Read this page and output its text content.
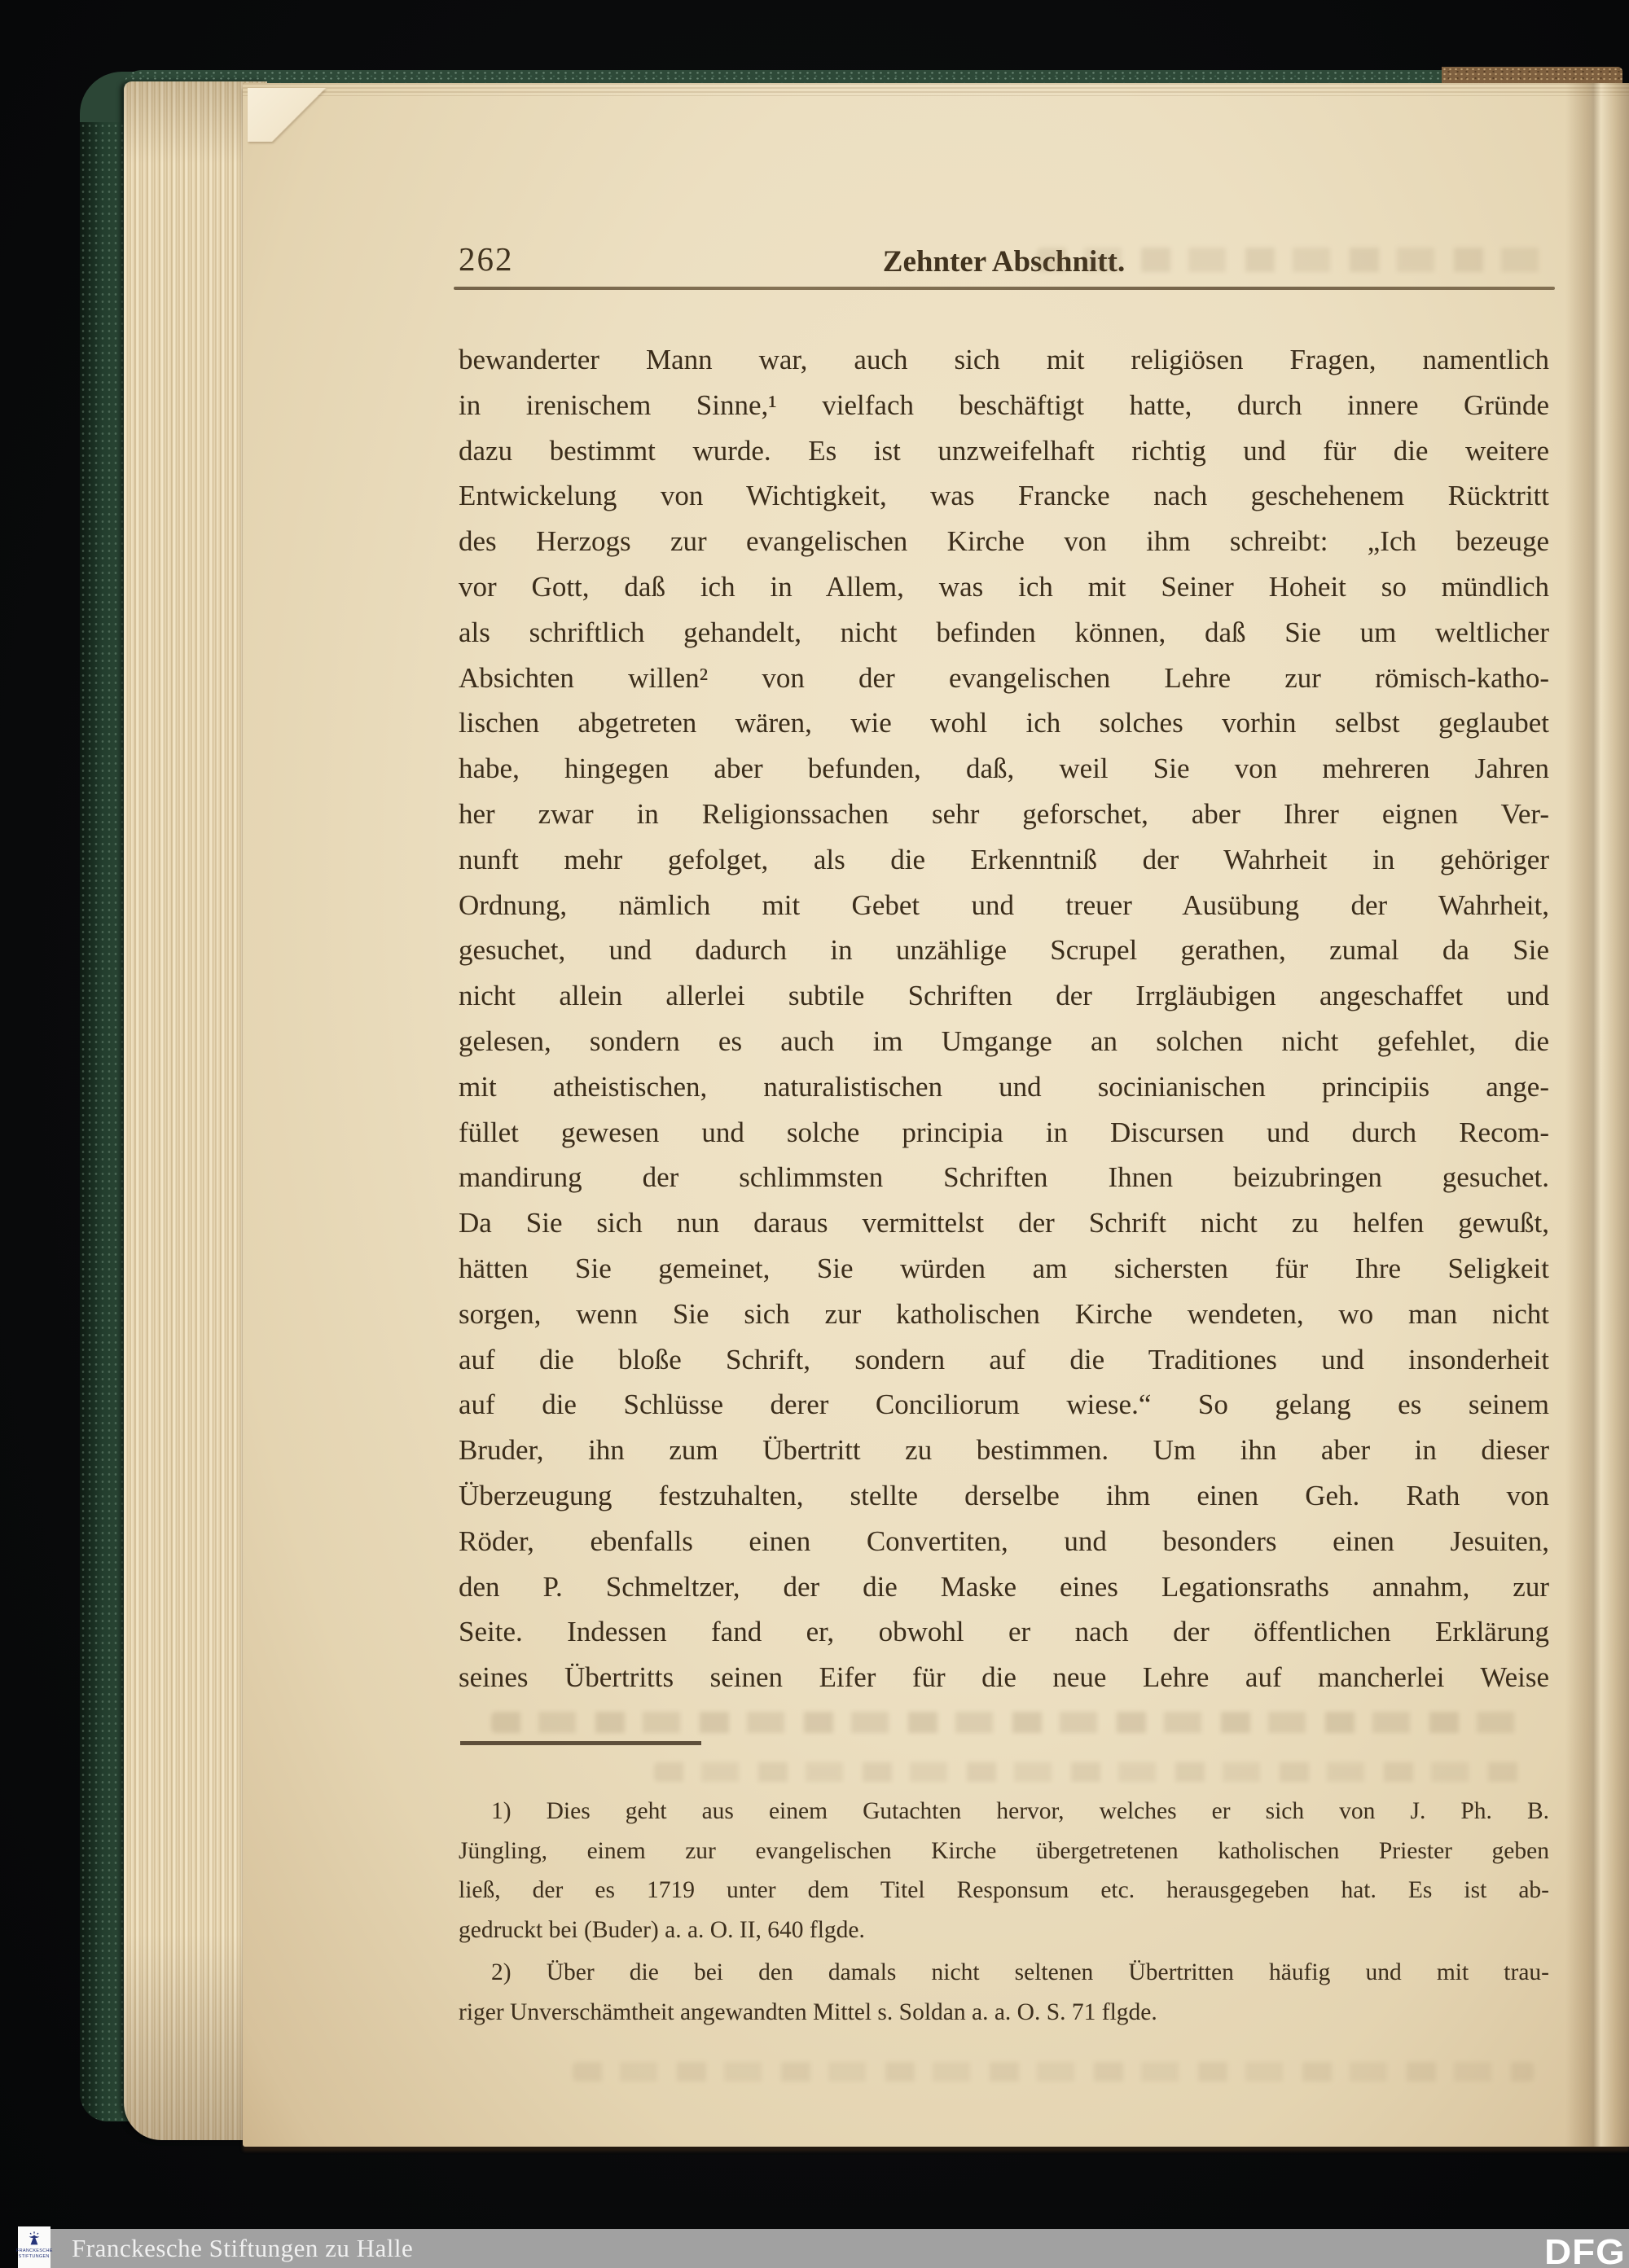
262	Zehnter Abschnitt.
bewanderter Mann war, auch sich mit religiösen Fragen, namentlich
in irenischem Sinne,¹ vielfach beschäftigt hatte, durch innere Gründe
dazu bestimmt wurde. Es ist unzweifelhaft richtig und für die weitere
Entwickelung von Wichtigkeit, was Francke nach geschehenem Rücktritt
des Herzogs zur evangelischen Kirche von ihm schreibt: „Ich bezeuge
vor Gott, daß ich in Allem, was ich mit Seiner Hoheit so mündlich
als schriftlich gehandelt, nicht befinden können, daß Sie um weltlicher
Absichten willen² von der evangelischen Lehre zur römisch-katho-
lischen abgetreten wären, wie wohl ich solches vorhin selbst geglaubet
habe, hingegen aber befunden, daß, weil Sie von mehreren Jahren
her zwar in Religionssachen sehr geforschet, aber Ihrer eignen Ver-
nunft mehr gefolget, als die Erkenntniß der Wahrheit in gehöriger
Ordnung, nämlich mit Gebet und treuer Ausübung der Wahrheit,
gesuchet, und dadurch in unzählige Scrupel gerathen, zumal da Sie
nicht allein allerlei subtile Schriften der Irrgläubigen angeschaffet und
gelesen, sondern es auch im Umgange an solchen nicht gefehlet, die
mit atheistischen, naturalistischen und socinianischen principiis ange-
füllet gewesen und solche principia in Discursen und durch Recom-
mandirung der schlimmsten Schriften Ihnen beizubringen gesuchet.
Da Sie sich nun daraus vermittelst der Schrift nicht zu helfen gewußt,
hätten Sie gemeinet, Sie würden am sichersten für Ihre Seligkeit
sorgen, wenn Sie sich zur katholischen Kirche wendeten, wo man nicht
auf die bloße Schrift, sondern auf die Traditiones und insonderheit
auf die Schlüsse derer Conciliorum wiese.“ So gelang es seinem
Bruder, ihn zum Übertritt zu bestimmen. Um ihn aber in dieser
Überzeugung festzuhalten, stellte derselbe ihm einen Geh. Rath von
Röder, ebenfalls einen Convertiten, und besonders einen Jesuiten,
den P. Schmeltzer, der die Maske eines Legationsraths annahm, zur
Seite. Indessen fand er, obwohl er nach der öffentlichen Erklärung
seines Übertritts seinen Eifer für die neue Lehre auf mancherlei Weise
1) Dies geht aus einem Gutachten hervor, welches er sich von J. Ph. B.
Jüngling, einem zur evangelischen Kirche übergetretenen katholischen Priester geben
ließ, der es 1719 unter dem Titel Responsum etc. herausgegeben hat. Es ist ab-
gedruckt bei (Buder) a. a. O. II, 640 flgde.
2) Über die bei den damals nicht seltenen Übertritten häufig und mit trau-
riger Unverschämtheit angewandten Mittel s. Soldan a. a. O. S. 71 flgde.
Franckesche Stiftungen zu Halle	DFG
FRANCKESCHE
STIFTUNGEN
